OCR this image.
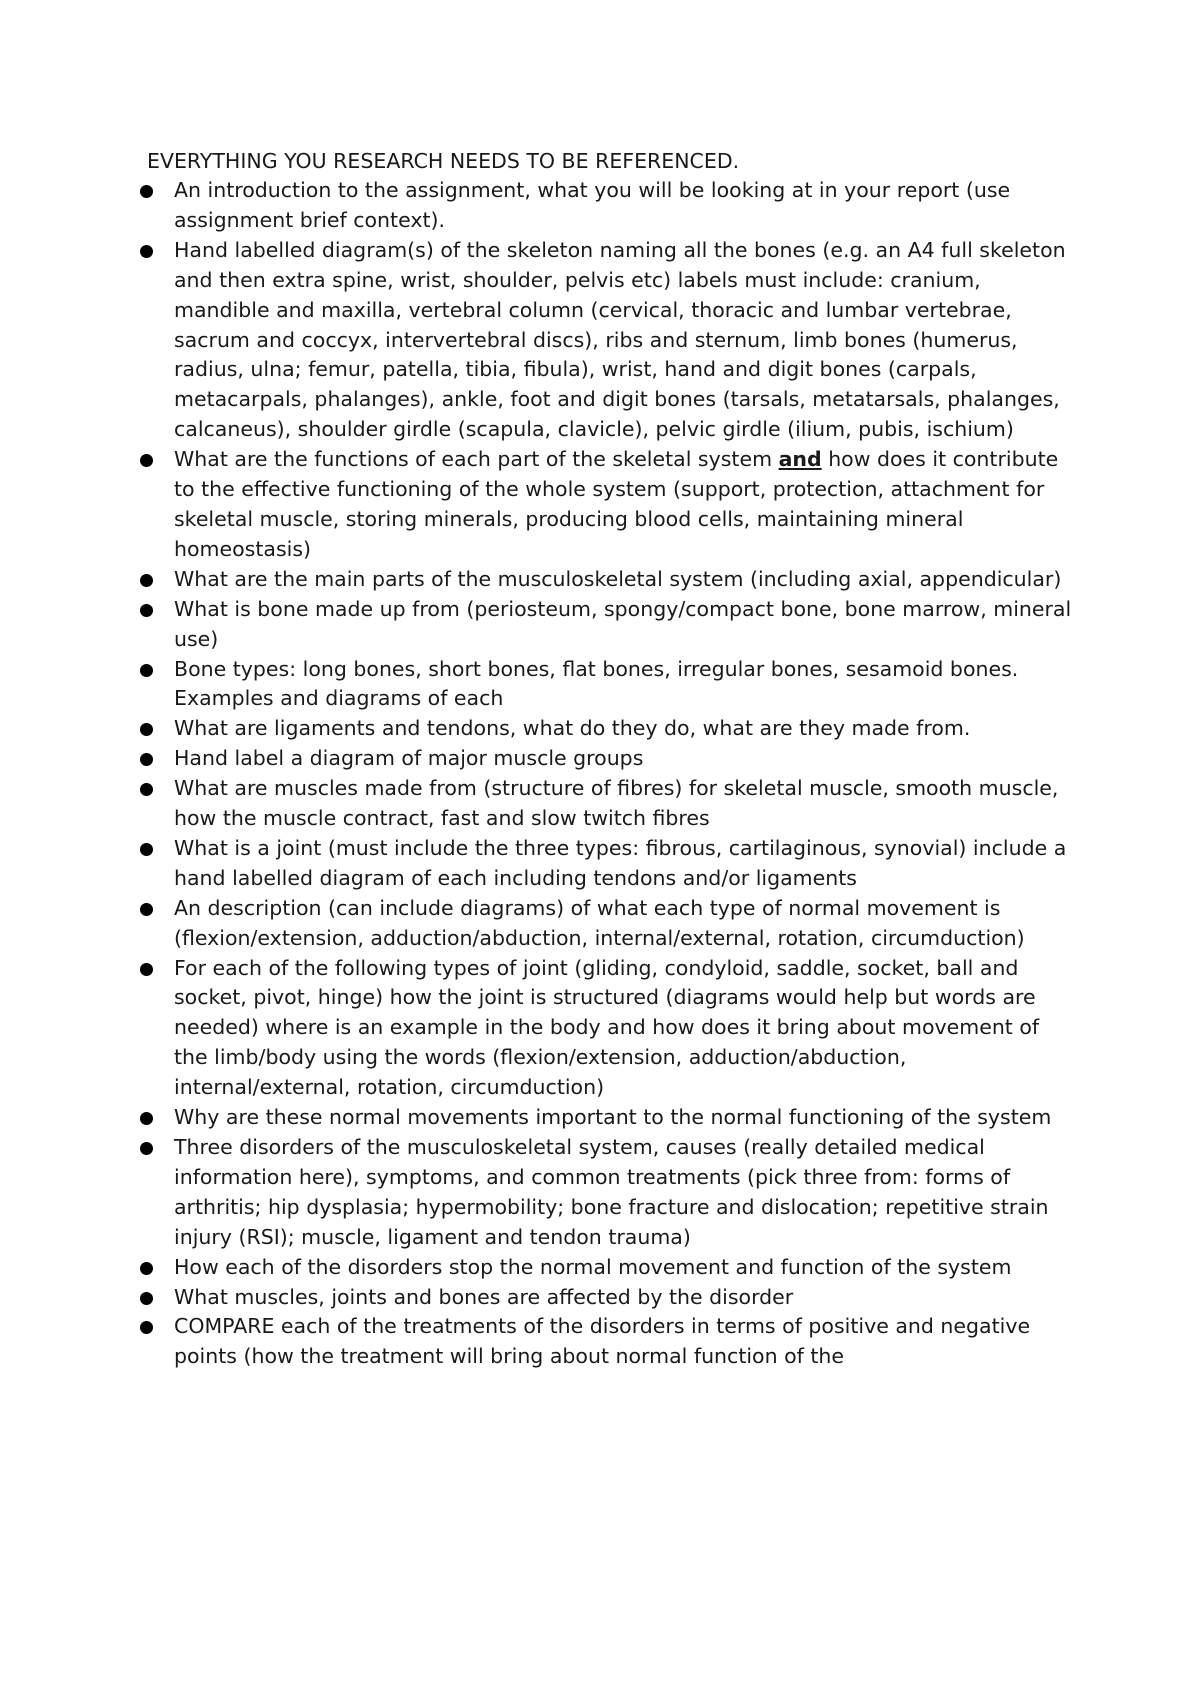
EVERYTHING YOU RESEARCH NEEDS TO BE REFERENCED.

An introduction to the assignment, what you will be looking at in your report (use assignment brief context).
Hand labelled diagram(s) of the skeleton naming all the bones (e.g. an A4 full skeleton and then extra spine, wrist, shoulder, pelvis etc) labels must include: cranium, mandible and maxilla, vertebral column (cervical, thoracic and lumbar vertebrae, sacrum and coccyx, intervertebral discs), ribs and sternum, limb bones (humerus, radius, ulna; femur, patella, tibia, fibula), wrist, hand and digit bones (carpals, metacarpals, phalanges), ankle, foot and digit bones (tarsals, metatarsals, phalanges, calcaneus), shoulder girdle (scapula, clavicle), pelvic girdle (ilium, pubis, ischium)
What are the functions of each part of the skeletal system and how does it contribute to the effective functioning of the whole system (support, protection, attachment for skeletal muscle, storing minerals, producing blood cells, maintaining mineral homeostasis)
What are the main parts of the musculoskeletal system (including axial, appendicular)
What is bone made up from (periosteum, spongy/compact bone, bone marrow, mineral use)
Bone types: long bones, short bones, flat bones, irregular bones, sesamoid bones. Examples and diagrams of each
What are ligaments and tendons, what do they do, what are they made from.
Hand label a diagram of major muscle groups
What are muscles made from (structure of fibres) for skeletal muscle, smooth muscle, how the muscle contract, fast and slow twitch fibres
What is a joint (must include the three types: fibrous, cartilaginous, synovial) include a hand labelled diagram of each including tendons and/or ligaments
An description (can include diagrams) of what each type of normal movement is (flexion/extension, adduction/abduction, internal/external, rotation, circumduction)
For each of the following types of joint (gliding, condyloid, saddle, socket, ball and socket, pivot, hinge) how the joint is structured (diagrams would help but words are needed) where is an example in the body and how does it bring about movement of the limb/body using the words (flexion/extension, adduction/abduction, internal/external, rotation, circumduction)
Why are these normal movements important to the normal functioning of the system
Three disorders of the musculoskeletal system, causes (really detailed medical information here), symptoms, and common treatments (pick three from: forms of arthritis; hip dysplasia; hypermobility; bone fracture and dislocation; repetitive strain injury (RSI); muscle, ligament and tendon trauma)
How each of the disorders stop the normal movement and function of the system
What muscles, joints and bones are affected by the disorder
COMPARE each of the treatments of the disorders in terms of positive and negative points (how the treatment will bring about normal function of the
